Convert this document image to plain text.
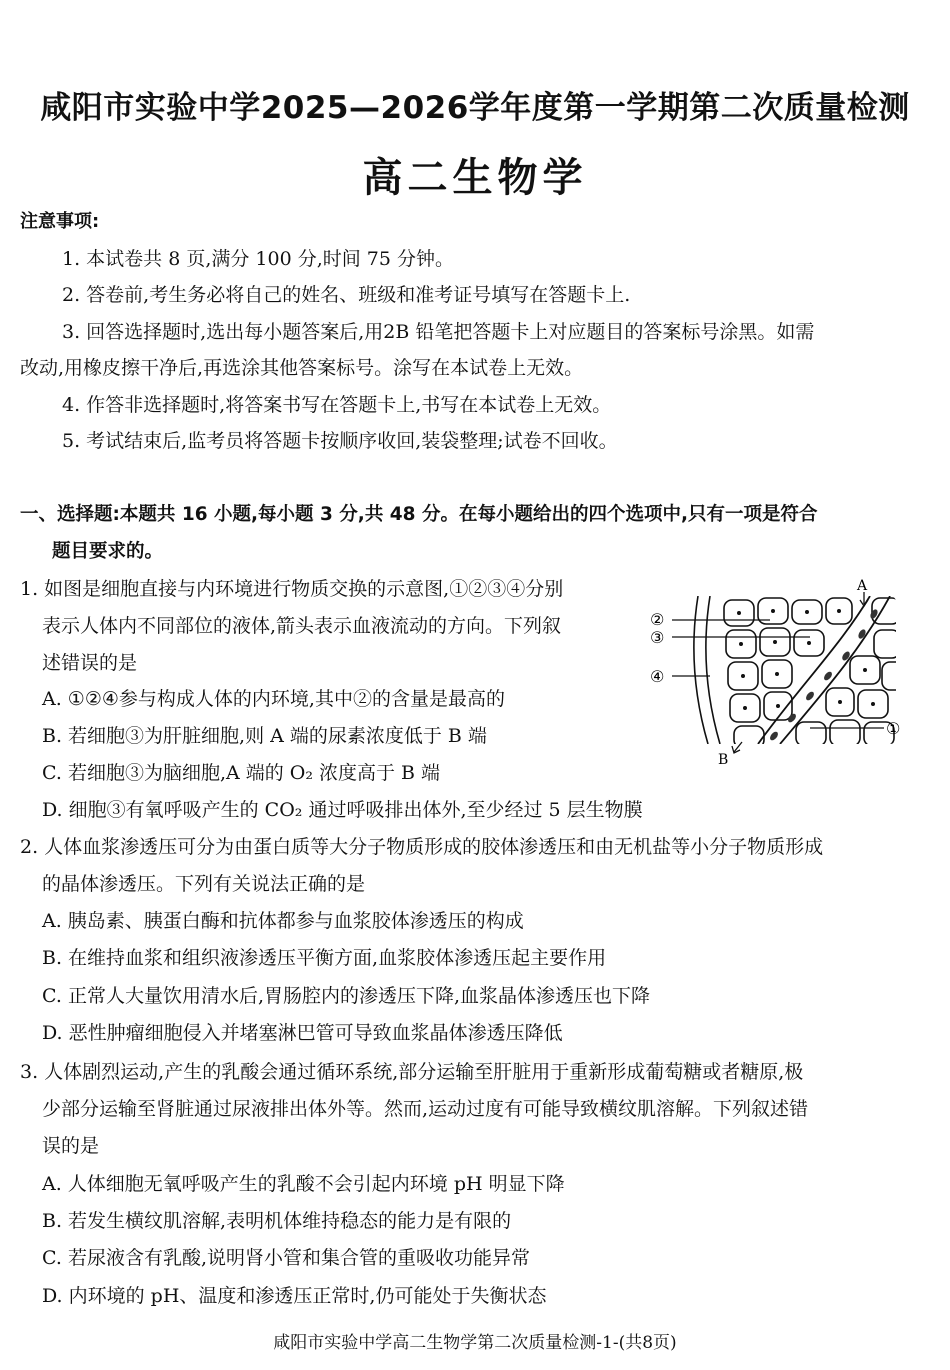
咸阳市实验中学2025—2026学年度第一学期第二次质量检测
高二生物学
注意事项:
1. 本试卷共 8 页,满分 100 分,时间 75 分钟。
2. 答卷前,考生务必将自己的姓名、班级和准考证号填写在答题卡上.
3. 回答选择题时,选出每小题答案后,用2B 铅笔把答题卡上对应题目的答案标号涂黑。如需
改动,用橡皮擦干净后,再选涂其他答案标号。涂写在本试卷上无效。
4. 作答非选择题时,将答案书写在答题卡上,书写在本试卷上无效。
5. 考试结束后,监考员将答题卡按顺序收回,装袋整理;试卷不回收。
一、选择题:本题共 16 小题,每小题 3 分,共 48 分。在每小题给出的四个选项中,只有一项是符合
题目要求的。
1. 如图是细胞直接与内环境进行物质交换的示意图,①②③④分别
表示人体内不同部位的液体,箭头表示血液流动的方向。下列叙
述错误的是
A. ①②④参与构成人体的内环境,其中②的含量是最高的
B. 若细胞③为肝脏细胞,则 A 端的尿素浓度低于 B 端
C. 若细胞③为脑细胞,A 端的 O₂ 浓度高于 B 端
D. 细胞③有氧呼吸产生的 CO₂ 通过呼吸排出体外,至少经过 5 层生物膜
A
B
①
②
③
④
2. 人体血浆渗透压可分为由蛋白质等大分子物质形成的胶体渗透压和由无机盐等小分子物质形成
的晶体渗透压。下列有关说法正确的是
A. 胰岛素、胰蛋白酶和抗体都参与血浆胶体渗透压的构成
B. 在维持血浆和组织液渗透压平衡方面,血浆胶体渗透压起主要作用
C. 正常人大量饮用清水后,胃肠腔内的渗透压下降,血浆晶体渗透压也下降
D. 恶性肿瘤细胞侵入并堵塞淋巴管可导致血浆晶体渗透压降低
3. 人体剧烈运动,产生的乳酸会通过循环系统,部分运输至肝脏用于重新形成葡萄糖或者糖原,极
少部分运输至肾脏通过尿液排出体外等。然而,运动过度有可能导致横纹肌溶解。下列叙述错
误的是
A. 人体细胞无氧呼吸产生的乳酸不会引起内环境 pH 明显下降
B. 若发生横纹肌溶解,表明机体维持稳态的能力是有限的
C. 若尿液含有乳酸,说明肾小管和集合管的重吸收功能异常
D. 内环境的 pH、温度和渗透压正常时,仍可能处于失衡状态
咸阳市实验中学高二生物学第二次质量检测-1-(共8页)
